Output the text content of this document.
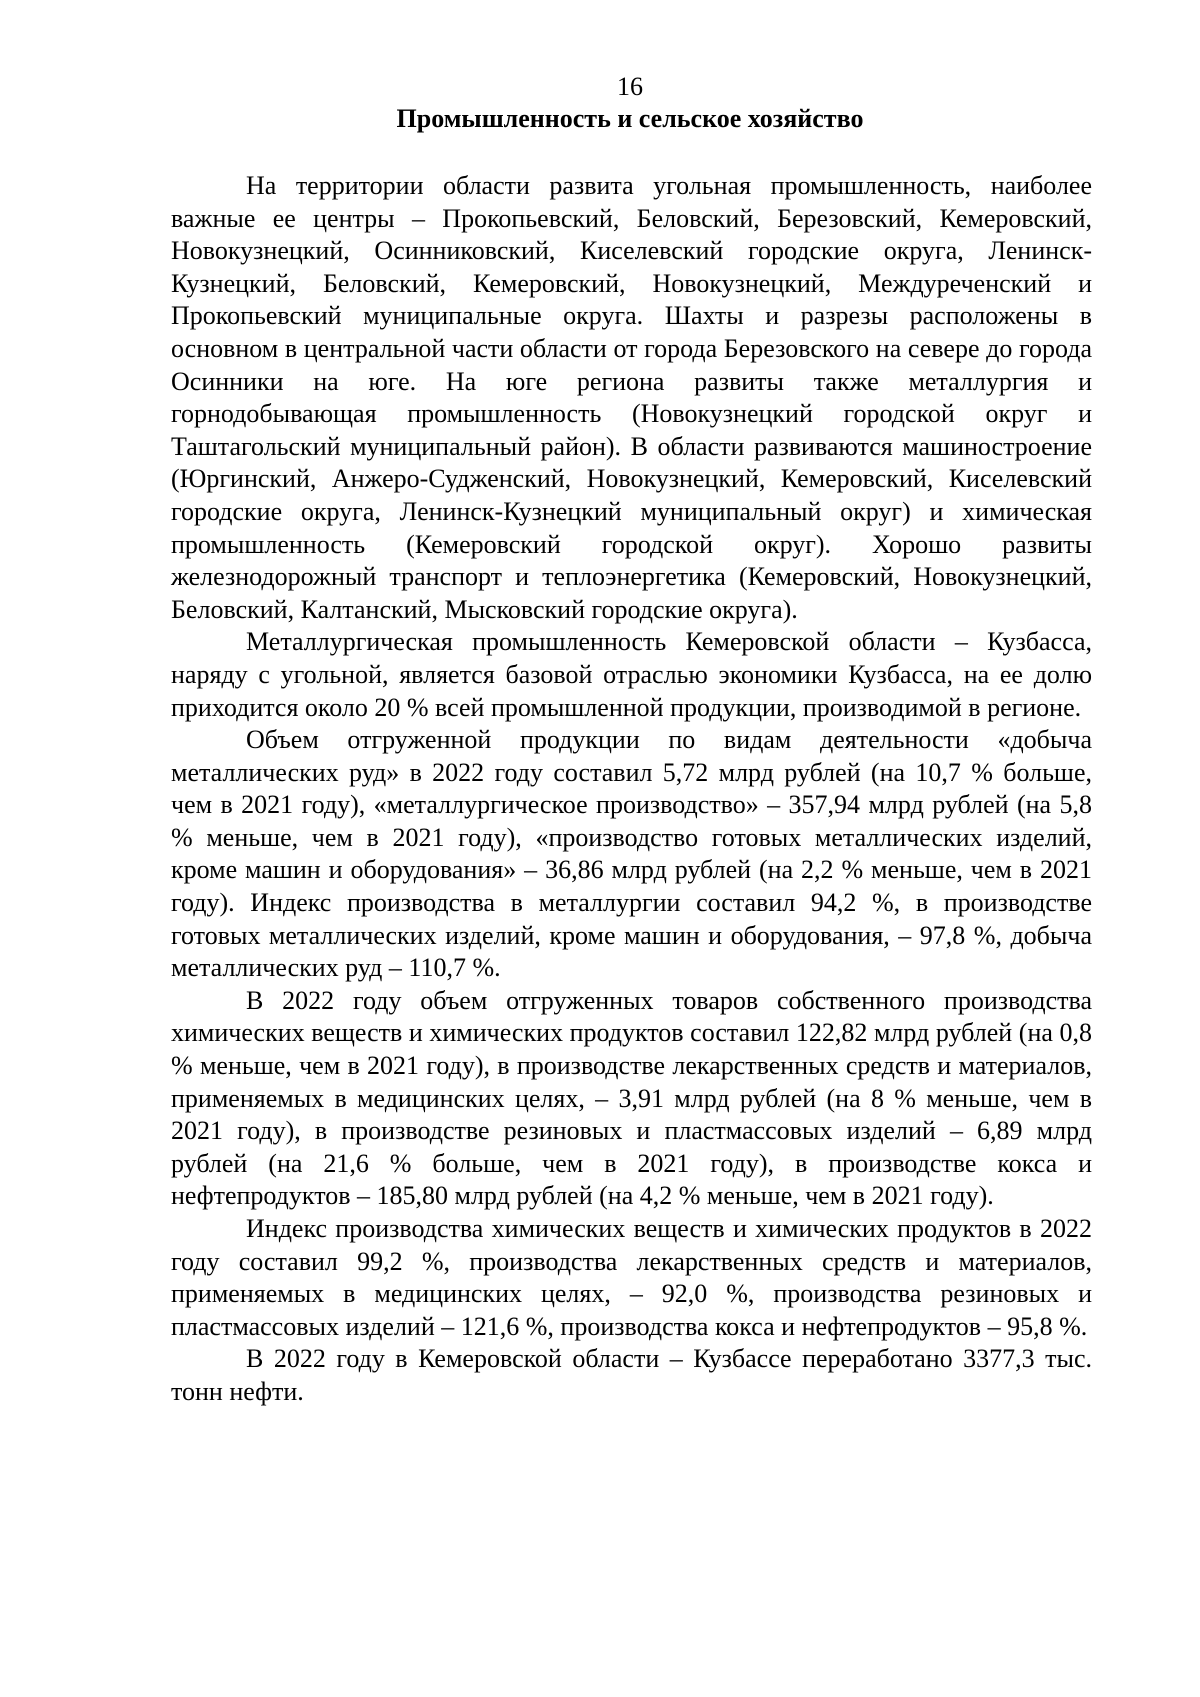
16
Промышленность и сельское хозяйство

На территории области развита угольная промышленность, наиболее важные ее центры – Прокопьевский, Беловский, Березовский, Кемеровский, Новокузнецкий, Осинниковский, Киселевский городские округа, Ленинск-Кузнецкий, Беловский, Кемеровский, Новокузнецкий, Междуреченский и Прокопьевский муниципальные округа. Шахты и разрезы расположены в основном в центральной части области от города Березовского на севере до города Осинники на юге. На юге региона развиты также металлургия и горнодобывающая промышленность (Новокузнецкий городской округ и Таштагольский муниципальный район). В области развиваются машиностроение (Юргинский, Анжеро-Судженский, Новокузнецкий, Кемеровский, Киселевский городские округа, Ленинск-Кузнецкий муниципальный округ) и химическая промышленность (Кемеровский городской округ). Хорошо развиты железнодорожный транспорт и теплоэнергетика (Кемеровский, Новокузнецкий, Беловский, Калтанский, Мысковский городские округа).

Металлургическая промышленность Кемеровской области – Кузбасса, наряду с угольной, является базовой отраслью экономики Кузбасса, на ее долю приходится около 20 % всей промышленной продукции, производимой в регионе.

Объем отгруженной продукции по видам деятельности «добыча металлических руд» в 2022 году составил 5,72 млрд рублей (на 10,7 % больше, чем в 2021 году), «металлургическое производство» – 357,94 млрд рублей (на 5,8 % меньше, чем в 2021 году), «производство готовых металлических изделий, кроме машин и оборудования» – 36,86 млрд рублей (на 2,2 % меньше, чем в 2021 году). Индекс производства в металлургии составил 94,2 %, в производстве готовых металлических изделий, кроме машин и оборудования, – 97,8 %, добыча металлических руд – 110,7 %.

В 2022 году объем отгруженных товаров собственного производства химических веществ и химических продуктов составил 122,82 млрд рублей (на 0,8 % меньше, чем в 2021 году), в производстве лекарственных средств и материалов, применяемых в медицинских целях, – 3,91 млрд рублей (на 8 % меньше, чем в 2021 году), в производстве резиновых и пластмассовых изделий – 6,89 млрд рублей (на 21,6 % больше, чем в 2021 году), в производстве кокса и нефтепродуктов – 185,80 млрд рублей (на 4,2 % меньше, чем в 2021 году).

Индекс производства химических веществ и химических продуктов в 2022 году составил 99,2 %, производства лекарственных средств и материалов, применяемых в медицинских целях, – 92,0 %, производства резиновых и пластмассовых изделий – 121,6 %, производства кокса и нефтепродуктов – 95,8 %.

В 2022 году в Кемеровской области – Кузбассе переработано 3377,3 тыс. тонн нефти.
